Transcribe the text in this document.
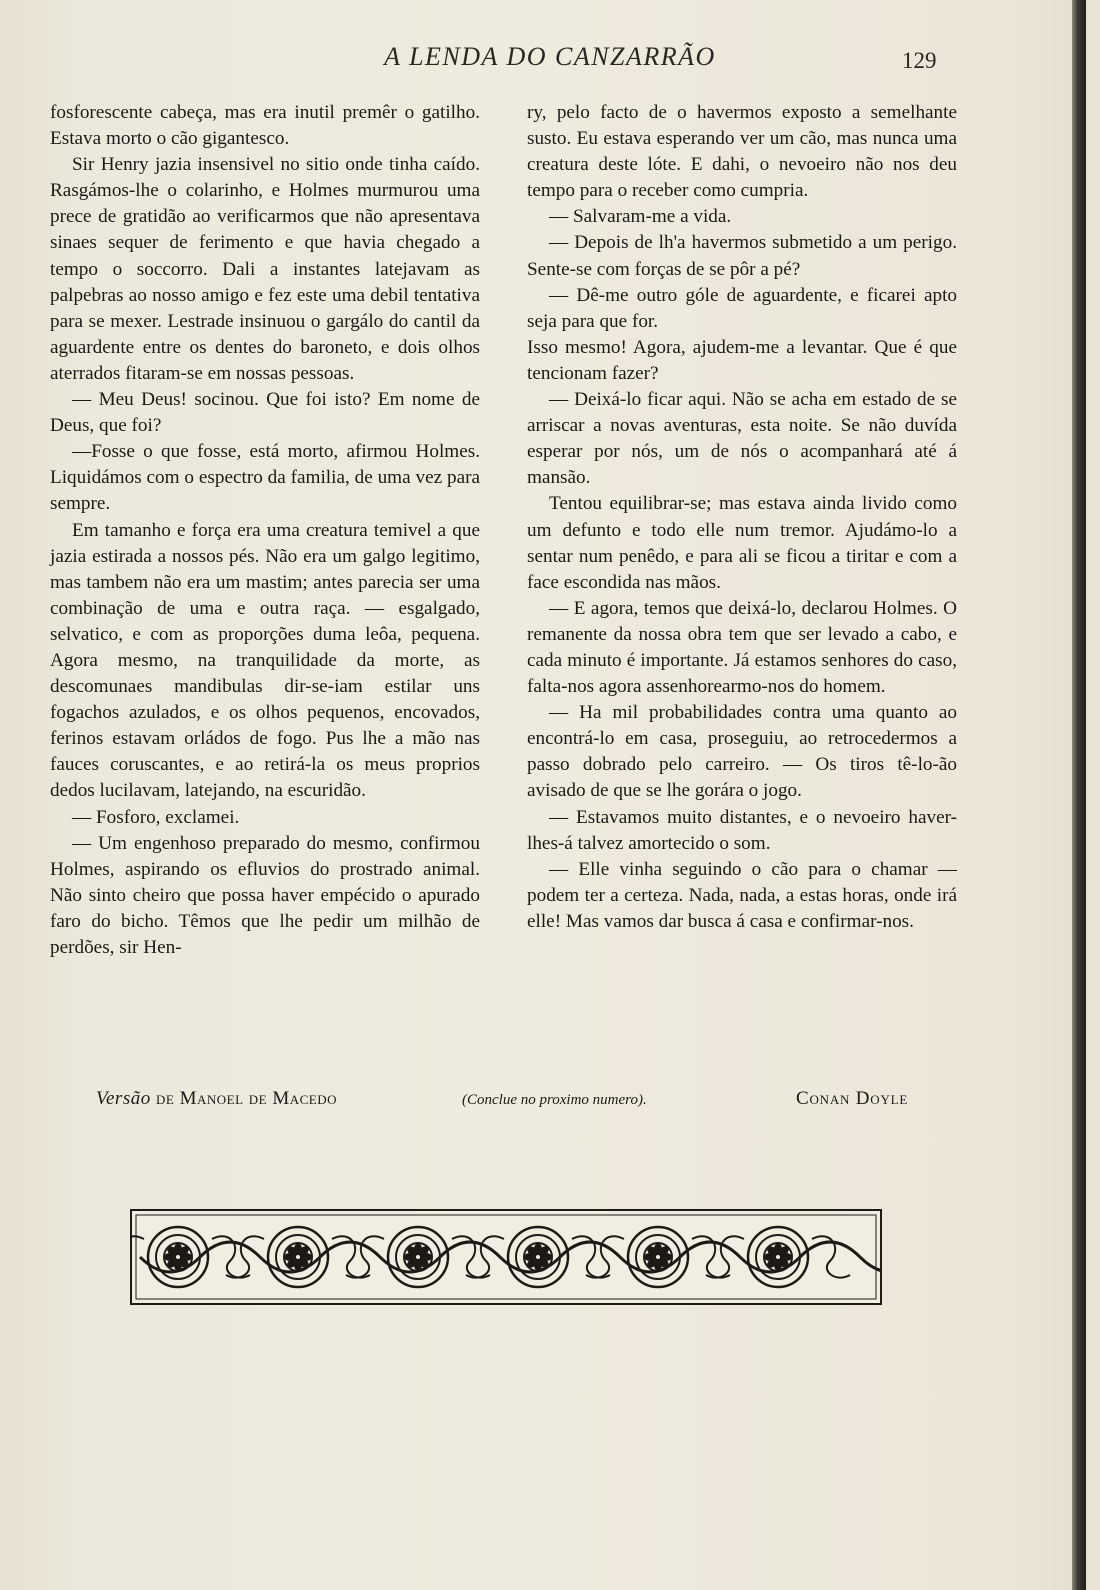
A LENDA DO CANZARRÃO	129

fosforescente cabeça, mas era inutil premêr o gatilho. Estava morto o cão gigantesco.

Sir Henry jazia insensivel no sitio onde tinha caído. Rasgámos-lhe o colarinho, e Holmes murmurou uma prece de gratidão ao verificarmos que não apresentava sinaes sequer de ferimento e que havia chegado a tempo o soccorro. Dali a instantes latejavam as palpebras ao nosso amigo e fez este uma debil tentativa para se mexer. Lestrade insinuou o gargálo do cantil da aguardente entre os dentes do baroneto, e dois olhos aterrados fitaram-se em nossas pessoas.

— Meu Deus! socinou. Que foi isto? Em nome de Deus, que foi?

—Fosse o que fosse, está morto, afirmou Holmes. Liquidámos com o espectro da familia, de uma vez para sempre.

Em tamanho e força era uma creatura temivel a que jazia estirada a nossos pés. Não era um galgo legitimo, mas tambem não era um mastim; antes parecia ser uma combinação de uma e outra raça. — esgalgado, selvatico, e com as proporções duma leôa, pequena. Agora mesmo, na tranquilidade da morte, as descomunaes mandibulas dir-se-iam estilar uns fogachos azulados, e os olhos pequenos, encovados, ferinos estavam orládos de fogo. Pus lhe a mão nas fauces coruscantes, e ao retirá-la os meus proprios dedos lucilavam, latejando, na escuridão.

— Fosforo, exclamei.

— Um engenhoso preparado do mesmo, confirmou Holmes, aspirando os efluvios do prostrado animal. Não sinto cheiro que possa haver empécido o apurado faro do bicho. Têmos que lhe pedir um milhão de perdões, sir Hen-

ry, pelo facto de o havermos exposto a semelhante susto. Eu estava esperando ver um cão, mas nunca uma creatura deste lóte. E dahi, o nevoeiro não nos deu tempo para o receber como cumpria.

— Salvaram-me a vida.

— Depois de lh'a havermos submetido a um perigo. Sente-se com forças de se pôr a pé?

— Dê-me outro góle de aguardente, e ficarei apto seja para que for.

Isso mesmo! Agora, ajudem-me a levantar. Que é que tencionam fazer?

— Deixá-lo ficar aqui. Não se acha em estado de se arriscar a novas aventuras, esta noite. Se não duvída esperar por nós, um de nós o acompanhará até á mansão.

Tentou equilibrar-se; mas estava ainda livido como um defunto e todo elle num tremor. Ajudámo-lo a sentar num penêdo, e para ali se ficou a tiritar e com a face escondida nas mãos.

— E agora, temos que deixá-lo, declarou Holmes. O remanente da nossa obra tem que ser levado a cabo, e cada minuto é importante. Já estamos senhores do caso, falta-nos agora assenhorearmo-nos do homem.

— Ha mil probabilidades contra uma quanto ao encontrá-lo em casa, proseguiu, ao retrocedermos a passo dobrado pelo carreiro. — Os tiros tê-lo-ão avisado de que se lhe gorára o jogo.

— Estavamos muito distantes, e o nevoeiro haver-lhes-á talvez amortecido o som.

— Elle vinha seguindo o cão para o chamar — podem ter a certeza. Nada, nada, a estas horas, onde irá elle! Mas vamos dar busca á casa e confirmar-nos.

Versão de Manoel de Macedo	(Conclue no proximo numero).	Conan Doyle
